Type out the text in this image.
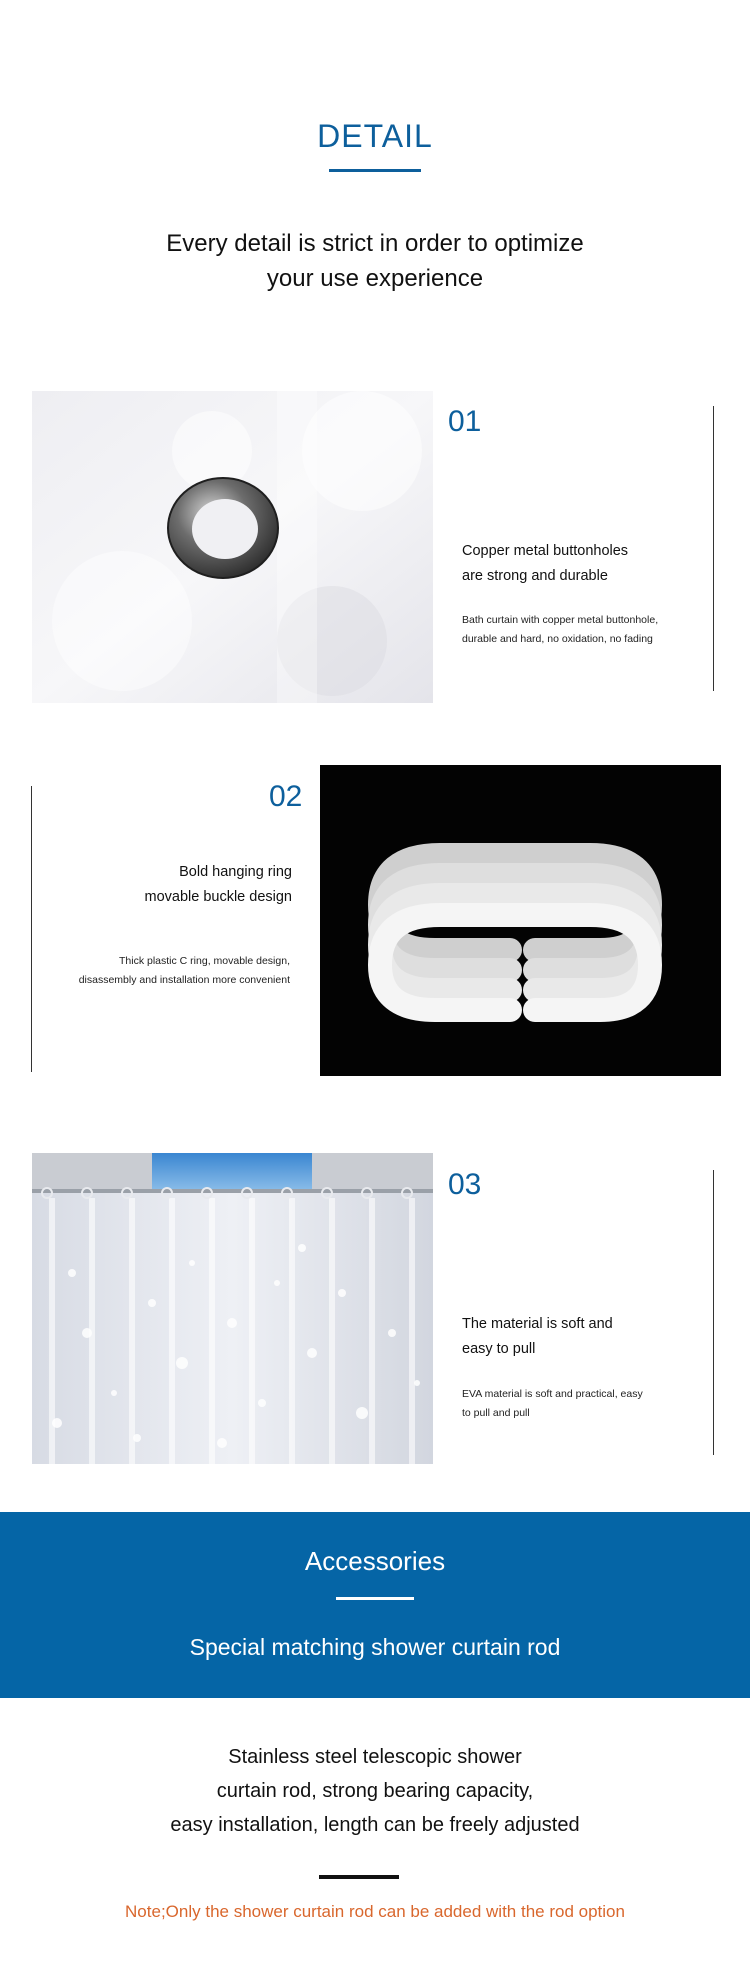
DETAIL
Every detail is strict in order to optimize
your use experience
01
Copper metal buttonholes
are strong and durable
Bath curtain with copper metal buttonhole,
durable and hard, no oxidation, no fading
02
Bold hanging ring
movable buckle design
Thick plastic C ring, movable design,
disassembly and installation more convenient
03
The material is soft and
easy to pull
EVA material is soft and practical, easy
to pull and pull
Accessories
Special matching shower curtain rod
Stainless steel telescopic shower
curtain rod, strong bearing capacity,
easy installation, length can be freely adjusted
Note;Only the shower curtain rod can be added with the rod option
